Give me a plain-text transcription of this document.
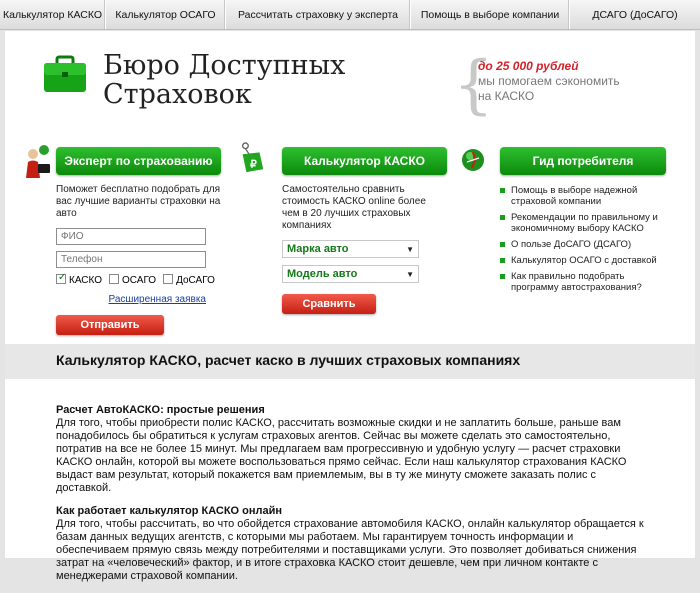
Калькулятор КАСКО	Калькулятор ОСАГО	Рассчитать страховку у эксперта	Помощь в выборе компании	ДСАГО (ДоСАГО)
Бюро Доступных
Страховок	{
до 25 000 рублей
мы помогаем сэкономить
на КАСКО
Эксперт по страхованию
Поможет бесплатно подобрать для вас лучшие варианты страховки на авто
ФИО
Телефон
✓КАСКО	ОСАГО	ДоСАГО
Расширенная заявка
Отправить
₽	Калькулятор КАСКО
Самостоятельно сравнить стоимость КАСКО online более чем в 20 лучших страховых компаниях
Марка авто	▼
Модель авто	▼
Сравнить
Гид потребителя
Помощь в выборе надежной страховой компании
Рекомендации по правильному и экономичному выбору КАСКО
О пользе ДоСАГО (ДСАГО)
Калькулятор ОСАГО с доставкой
Как правильно подобрать программу автострахования?
Калькулятор КАСКО, расчет каско в лучших страховых компаниях
Расчет АвтоКАСКО: простые решения

Для того, чтобы приобрести полис КАСКО, рассчитать возможные скидки и не заплатить больше, раньше вам понадобилось бы обратиться к услугам страховых агентов. Сейчас вы можете сделать это самостоятельно, потратив на все не более 15 минут. Мы предлагаем вам прогрессивную и удобную услугу — расчет страховки КАСКО онлайн, которой вы можете воспользоваться прямо сейчас. Если наш калькулятор страхования КАСКО выдаст вам результат, который покажется вам приемлемым, вы в ту же минуту сможете заказать полис с доставкой.

Как работает калькулятор КАСКО онлайн

Для того, чтобы рассчитать, во что обойдется страхование автомобиля КАСКО, онлайн калькулятор обращается к базам данных ведущих агентств, с которыми мы работаем. Мы гарантируем точность информации и обеспечиваем прямую связь между потребителями и поставщиками услуги. Это позволяет добиваться снижения затрат на «человеческий» фактор, и в итоге страховка КАСКО стоит дешевле, чем при личном контакте с менеджерами страховой компании.
